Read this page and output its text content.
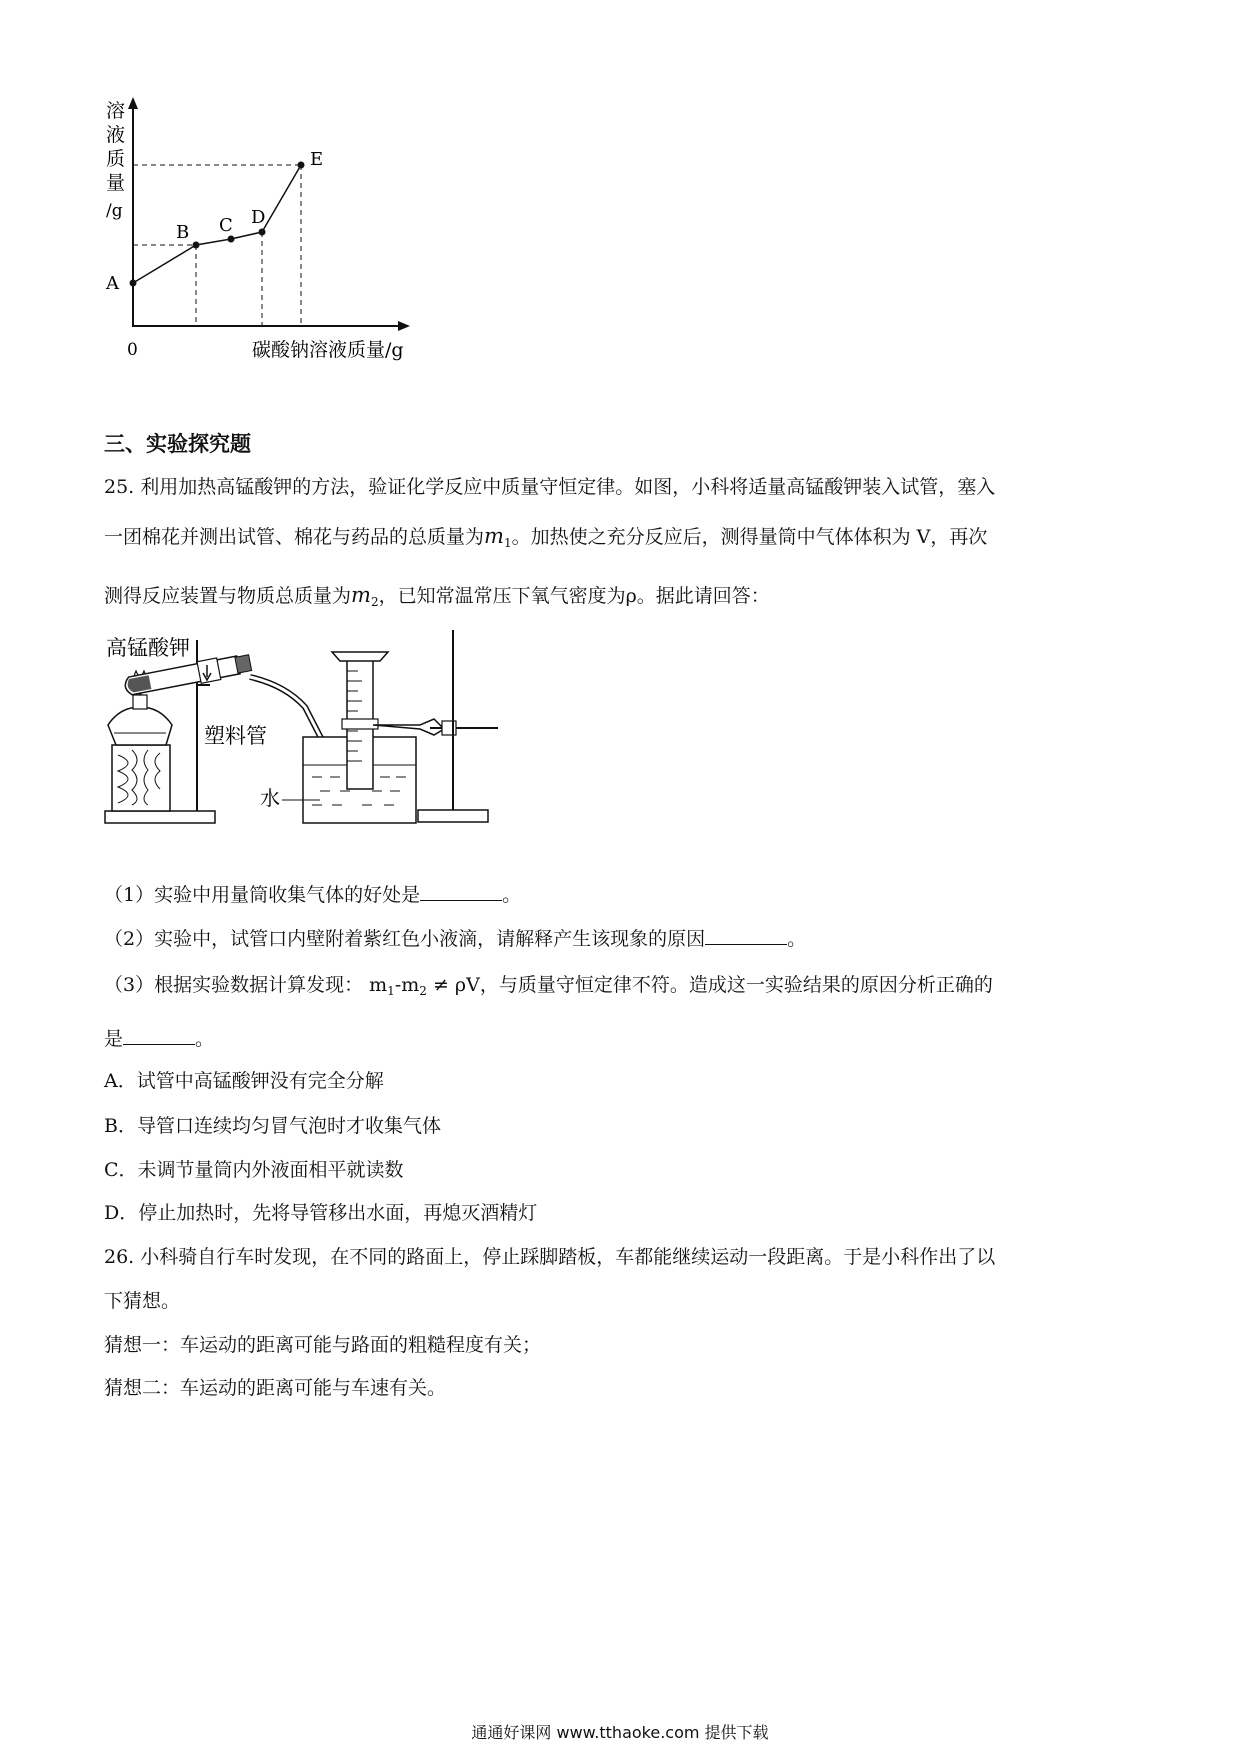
A
B C D
E
溶
液
质
量
/g
0	碳酸钠溶液质量/g
三、实验探究题
25. 利用加热高锰酸钾的方法，验证化学反应中质量守恒定律。如图，小科将适量高锰酸钾装入试管，塞入
一团棉花并测出试管、棉花与药品的总质量为$m_1$。加热使之充分反应后，测得量筒中气体体积为 V，再次
测得反应装置与物质总质量为$m_2$，已知常温常压下氧气密度为ρ。据此请回答：
高锰酸钾
塑料管
水
（1）实验中用量筒收集气体的好处是	。
（2）实验中，试管口内壁附着紫红色小液滴，请解释产生该现象的原因	。
（3）根据实验数据计算发现： $m_1-m_2 \ne \rho V$，与质量守恒定律不符。造成这一实验结果的原因分析正确的
是	。
A．试管中高锰酸钾没有完全分解
B．导管口连续均匀冒气泡时才收集气体
C．未调节量筒内外液面相平就读数
D．停止加热时，先将导管移出水面，再熄灭酒精灯
26. 小科骑自行车时发现，在不同的路面上，停止踩脚踏板，车都能继续运动一段距离。于是小科作出了以
下猜想。
猜想一：车运动的距离可能与路面的粗糙程度有关；
猜想二：车运动的距离可能与车速有关。
通通好课网 www.tthaoke.com 提供下载
